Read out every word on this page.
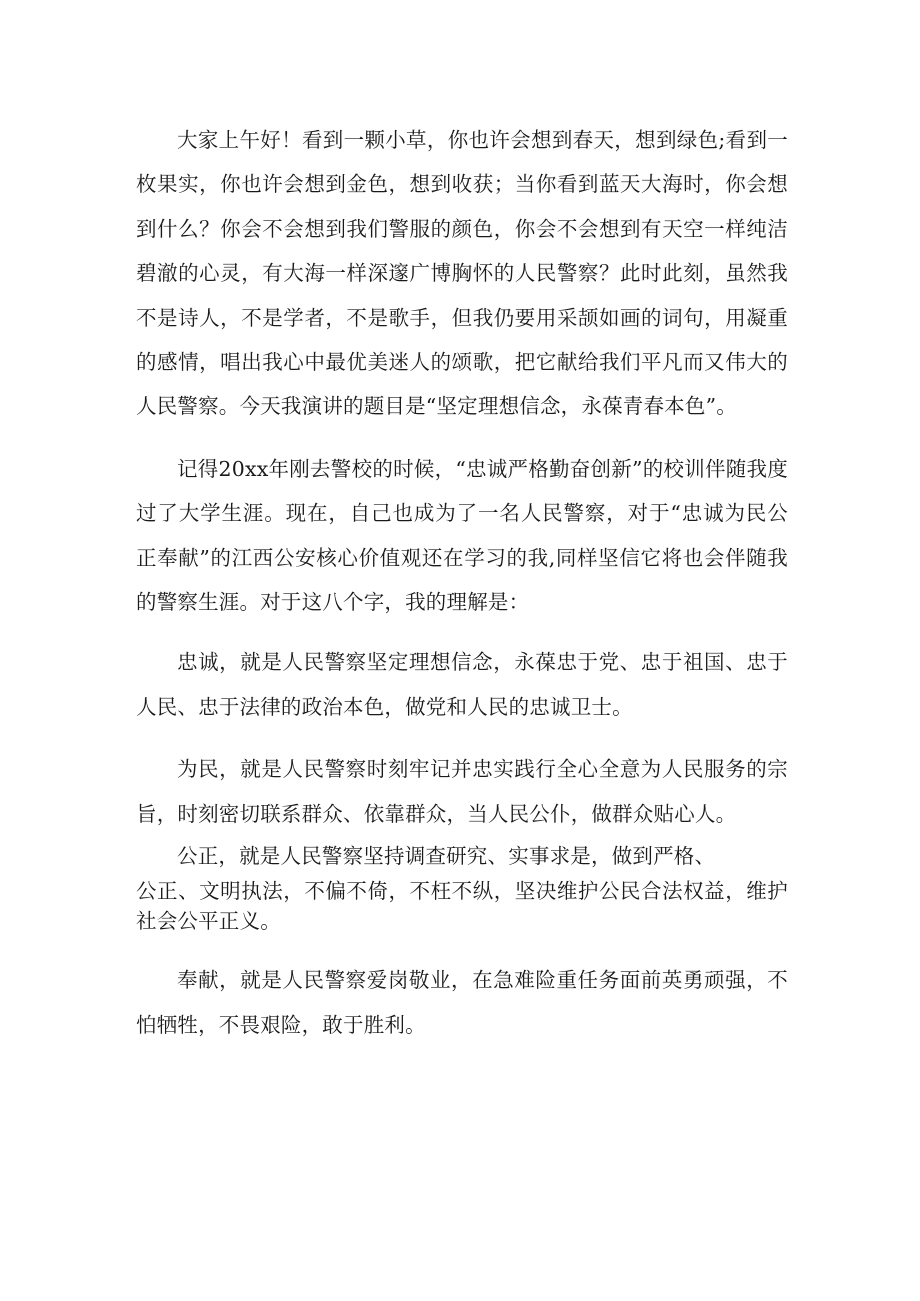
大家上午好！看到一颗小草，你也许会想到春天，想到绿色;看到一枚果实，你也许会想到金色，想到收获；当你看到蓝天大海时，你会想到什么？你会不会想到我们警服的颜色，你会不会想到有天空一样纯洁碧澈的心灵，有大海一样深邃广博胸怀的人民警察？此时此刻，虽然我不是诗人，不是学者，不是歌手，但我仍要用采颉如画的词句，用凝重的感情，唱出我心中最优美迷人的颂歌，把它献给我们平凡而又伟大的人民警察。今天我演讲的题目是“坚定理想信念，永葆青春本色”。

记得20xx年刚去警校的时候，“忠诚严格勤奋创新”的校训伴随我度过了大学生涯。现在，自己也成为了一名人民警察，对于“忠诚为民公正奉献”的江西公安核心价值观还在学习的我,同样坚信它将也会伴随我的警察生涯。对于这八个字，我的理解是：

忠诚，就是人民警察坚定理想信念，永葆忠于党、忠于祖国、忠于人民、忠于法律的政治本色，做党和人民的忠诚卫士。

为民，就是人民警察时刻牢记并忠实践行全心全意为人民服务的宗旨，时刻密切联系群众、依靠群众，当人民公仆，做群众贴心人。

公正，就是人民警察坚持调查研究、实事求是，做到严格、

公正、文明执法，不偏不倚，不枉不纵，坚决维护公民合法权益，维护社会公平正义。

奉献，就是人民警察爱岗敬业，在急难险重任务面前英勇顽强，不怕牺牲，不畏艰险，敢于胜利。
